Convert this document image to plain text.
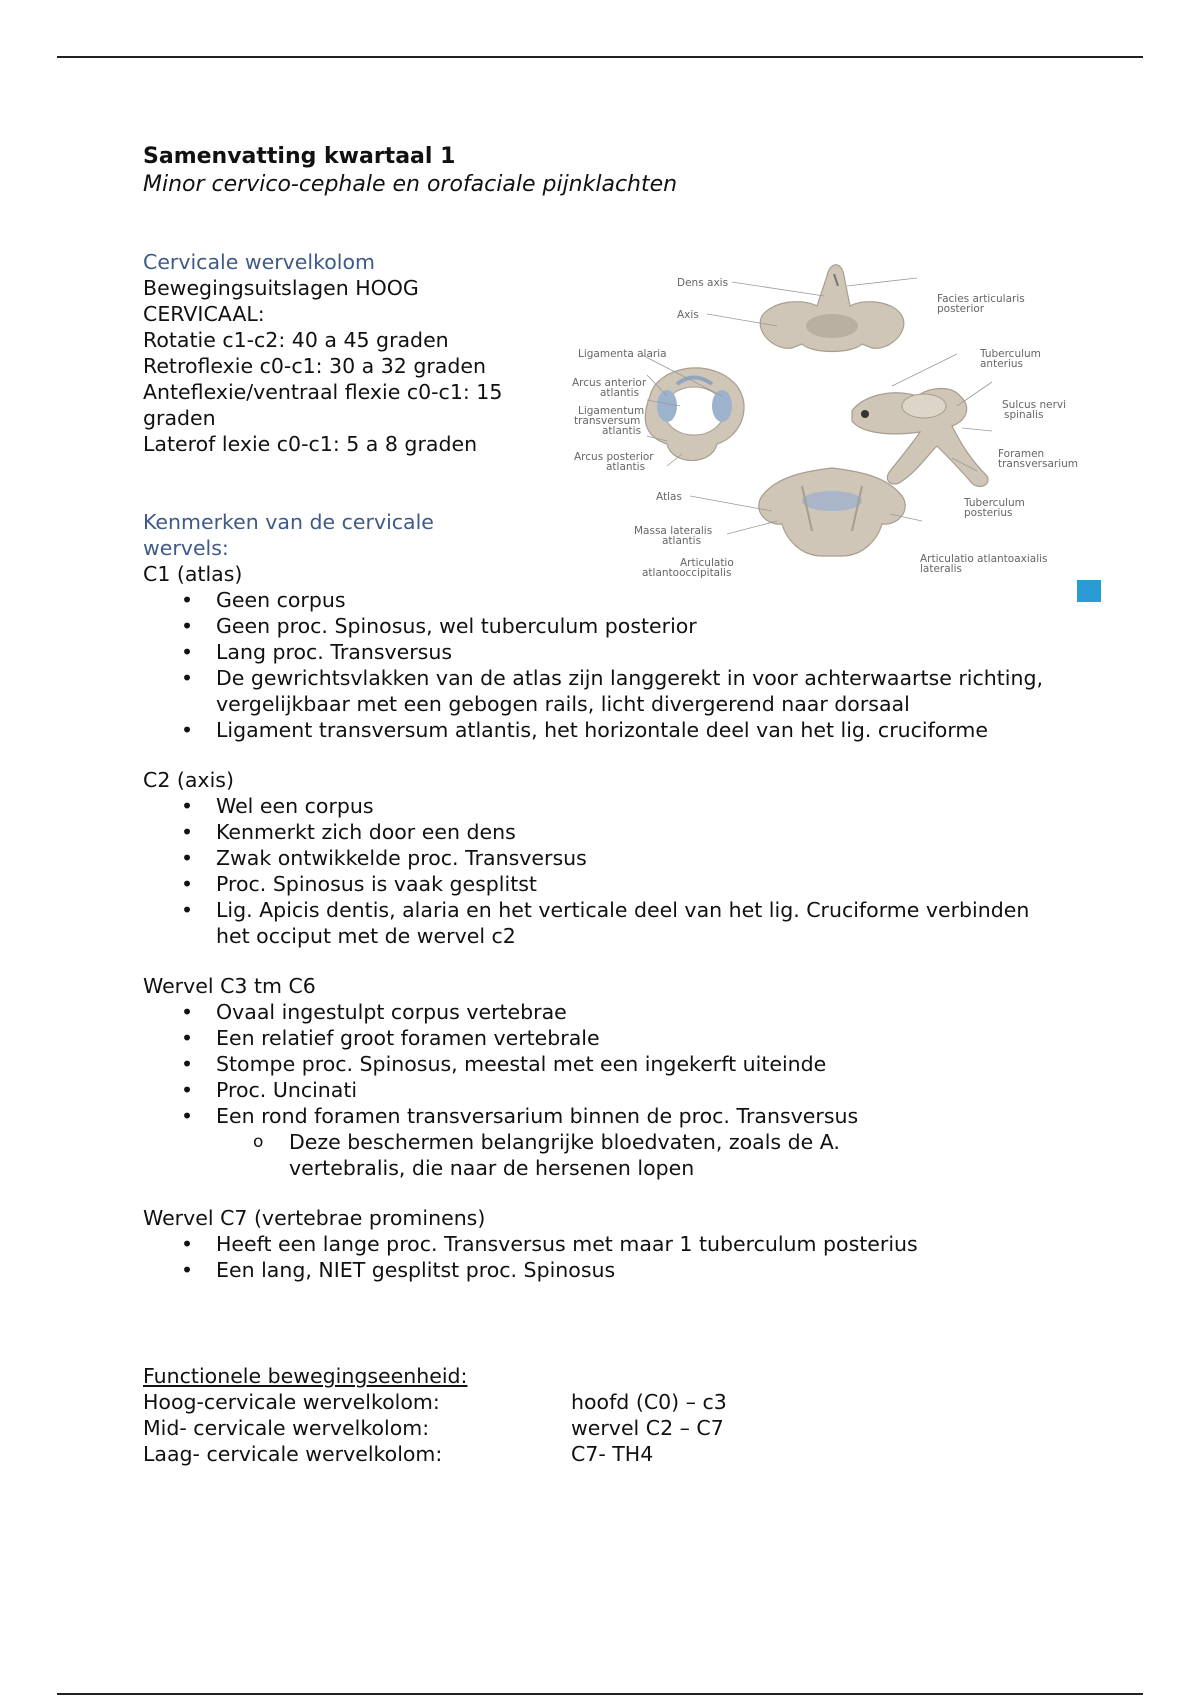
Samenvatting kwartaal 1

Minor cervico-cephale en orofaciale pijnklachten

Cervicale wervelkolom

Bewegingsuitslagen HOOG

CERVICAAL:

Rotatie c1-c2: 40 a 45 graden

Retroflexie c0-c1: 30 a 32 graden

Anteflexie/ventraal flexie c0-c1: 15

graden

Laterof lexie c0-c1: 5 a 8 graden

Kenmerken van de cervicale

wervels:

C1 (atlas)

• Geen corpus
• Geen proc. Spinosus, wel tuberculum posterior
• Lang proc. Transversus
• De gewrichtsvlakken van de atlas zijn langgerekt in voor achterwaartse richting, vergelijkbaar met een gebogen rails, licht divergerend naar dorsaal
• Ligament transversum atlantis, het horizontale deel van het lig. cruciforme

C2 (axis)

• Wel een corpus
• Kenmerkt zich door een dens
• Zwak ontwikkelde proc. Transversus
• Proc. Spinosus is vaak gesplitst
• Lig. Apicis dentis, alaria en het verticale deel van het lig. Cruciforme verbinden het occiput met de wervel c2

Wervel C3 tm C6

• Ovaal ingestulpt corpus vertebrae
• Een relatief groot foramen vertebrale
• Stompe proc. Spinosus, meestal met een ingekerft uiteinde
• Proc. Uncinati
• Een rond foramen transversarium binnen de proc. Transversus
o Deze beschermen belangrijke bloedvaten, zoals de A. vertebralis, die naar de hersenen lopen

Wervel C7 (vertebrae prominens)

• Heeft een lange proc. Transversus met maar 1 tuberculum posterius
• Een lang, NIET gesplitst proc. Spinosus

Functionele bewegingseenheid:

Hoog-cervicale wervelkolom:	hoofd (C0) – c3
Mid- cervicale wervelkolom:	wervel C2 – C7
Laag- cervicale wervelkolom:	C7- TH4
Dens axis
Axis
Ligamenta alaria
Arcus anterior
atlantis
Ligamentum
transversum
atlantis
Arcus posterior
atlantis
Atlas
Massa lateralis
atlantis
Articulatio
atlantooccipitalis
Facies articularis
posterior
Tuberculum
anterius
Sulcus nervi
spinalis
Foramen
transversarium
Tuberculum
posterius
Articulatio atlantoaxialis
lateralis
